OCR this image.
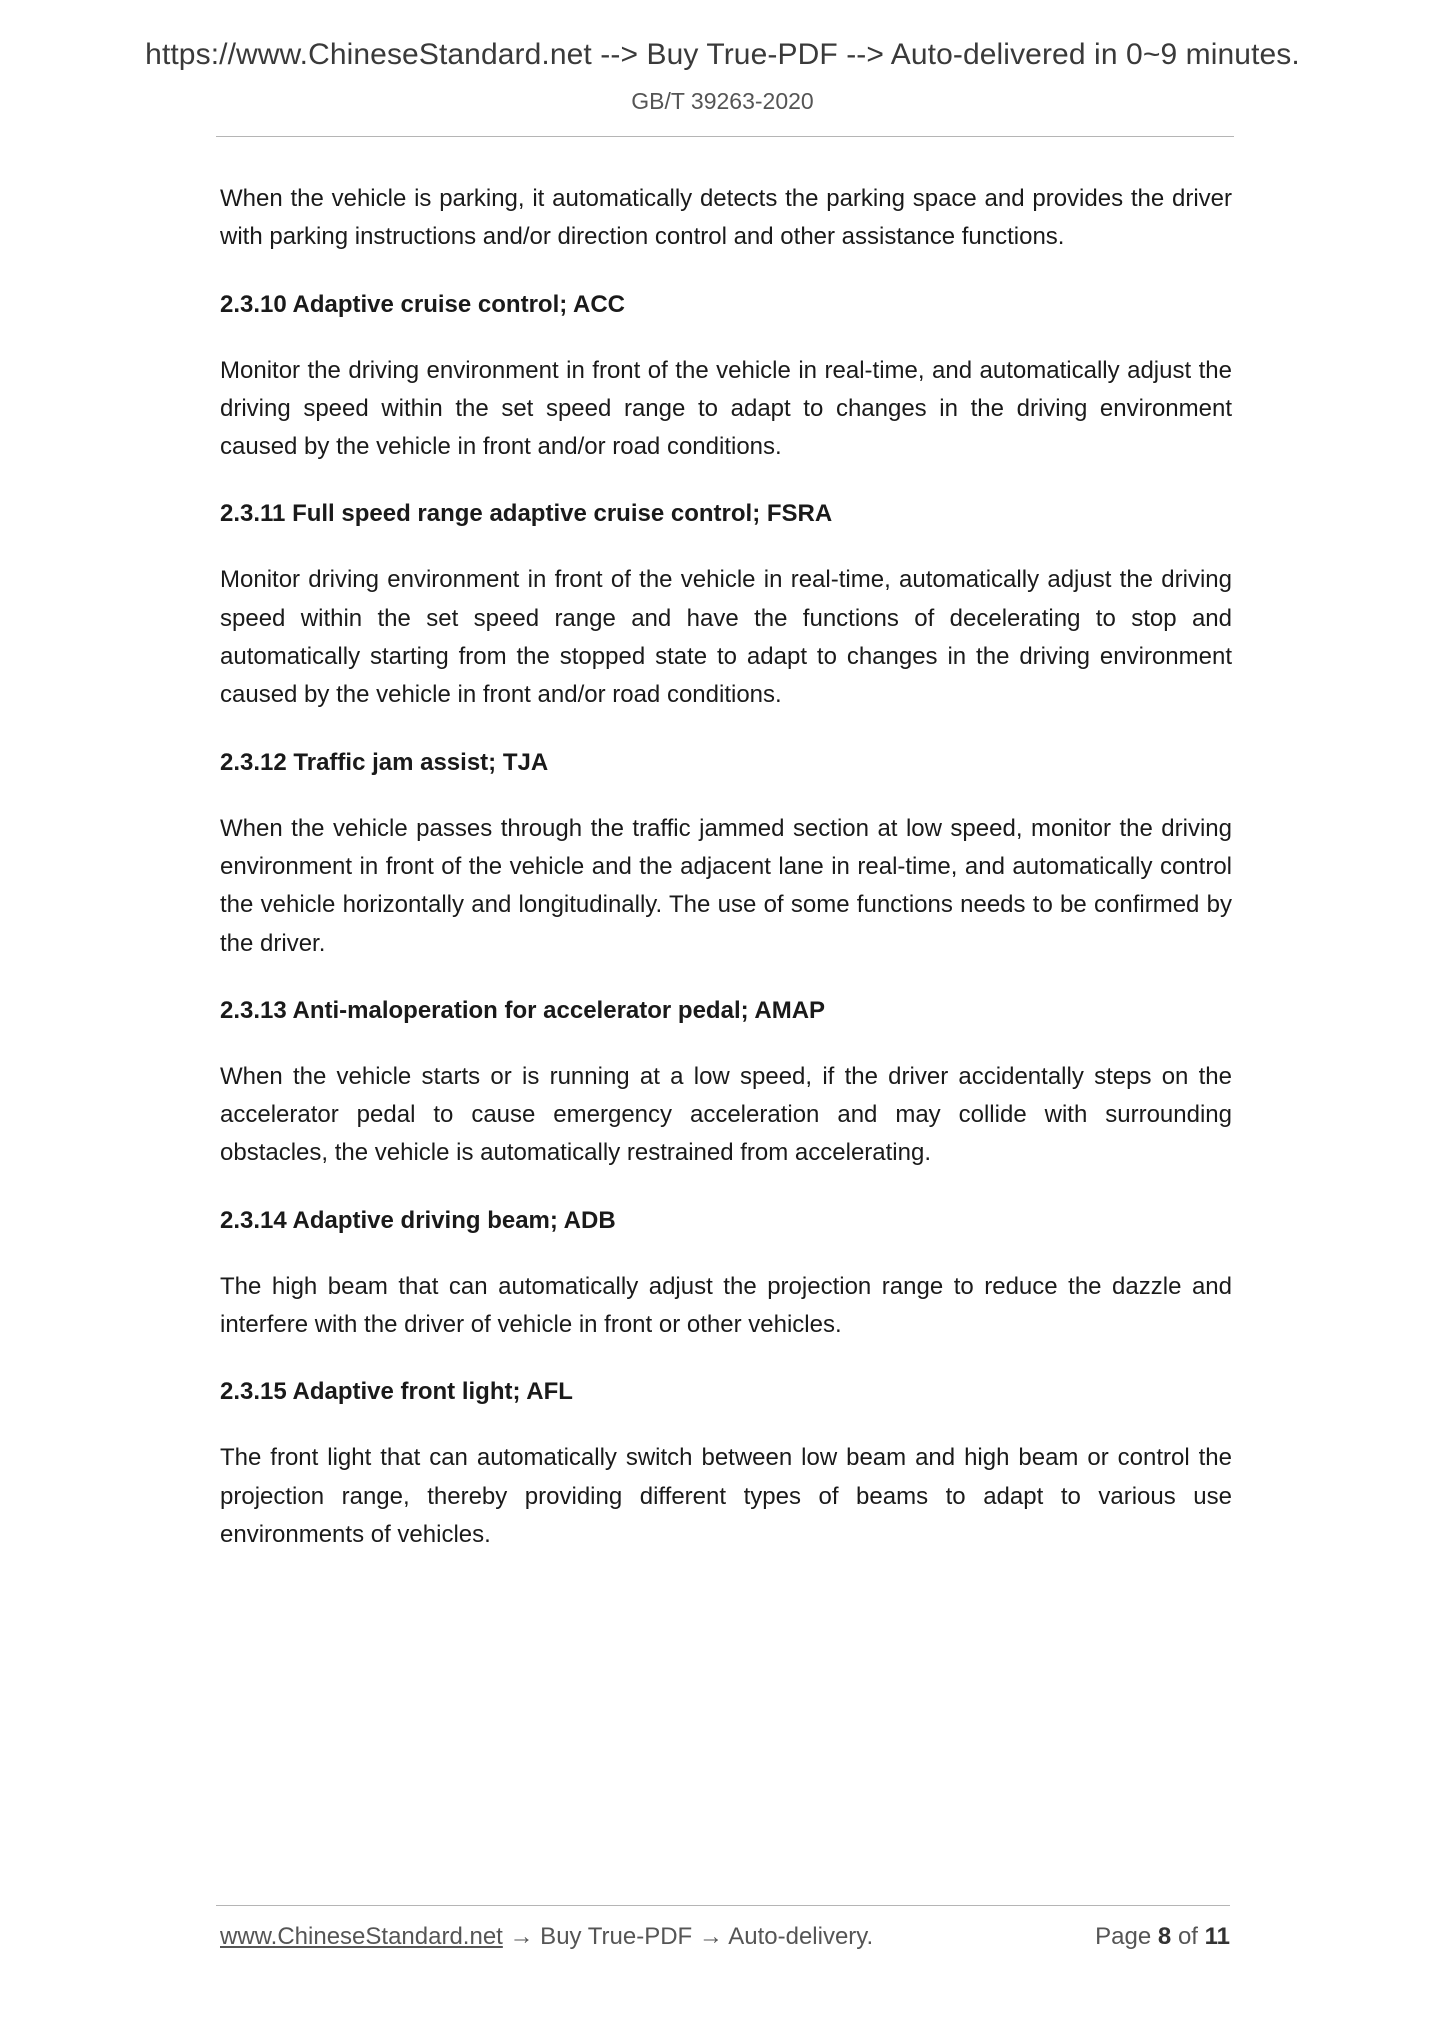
https://www.ChineseStandard.net --> Buy True-PDF --> Auto-delivered in 0~9 minutes.
GB/T 39263-2020

When the vehicle is parking, it automatically detects the parking space and provides the driver with parking instructions and/or direction control and other assistance functions.

2.3.10 Adaptive cruise control; ACC

Monitor the driving environment in front of the vehicle in real-time, and automatically adjust the driving speed within the set speed range to adapt to changes in the driving environment caused by the vehicle in front and/or road conditions.

2.3.11 Full speed range adaptive cruise control; FSRA

Monitor driving environment in front of the vehicle in real-time, automatically adjust the driving speed within the set speed range and have the functions of decelerating to stop and automatically starting from the stopped state to adapt to changes in the driving environment caused by the vehicle in front and/or road conditions.

2.3.12 Traffic jam assist; TJA

When the vehicle passes through the traffic jammed section at low speed, monitor the driving environment in front of the vehicle and the adjacent lane in real-time, and automatically control the vehicle horizontally and longitudinally. The use of some functions needs to be confirmed by the driver.

2.3.13 Anti-maloperation for accelerator pedal; AMAP

When the vehicle starts or is running at a low speed, if the driver accidentally steps on the accelerator pedal to cause emergency acceleration and may collide with surrounding obstacles, the vehicle is automatically restrained from accelerating.

2.3.14 Adaptive driving beam; ADB

The high beam that can automatically adjust the projection range to reduce the dazzle and interfere with the driver of vehicle in front or other vehicles.

2.3.15 Adaptive front light; AFL

The front light that can automatically switch between low beam and high beam or control the projection range, thereby providing different types of beams to adapt to various use environments of vehicles.

www.ChineseStandard.net → Buy True-PDF → Auto-delivery.	Page 8 of 11
